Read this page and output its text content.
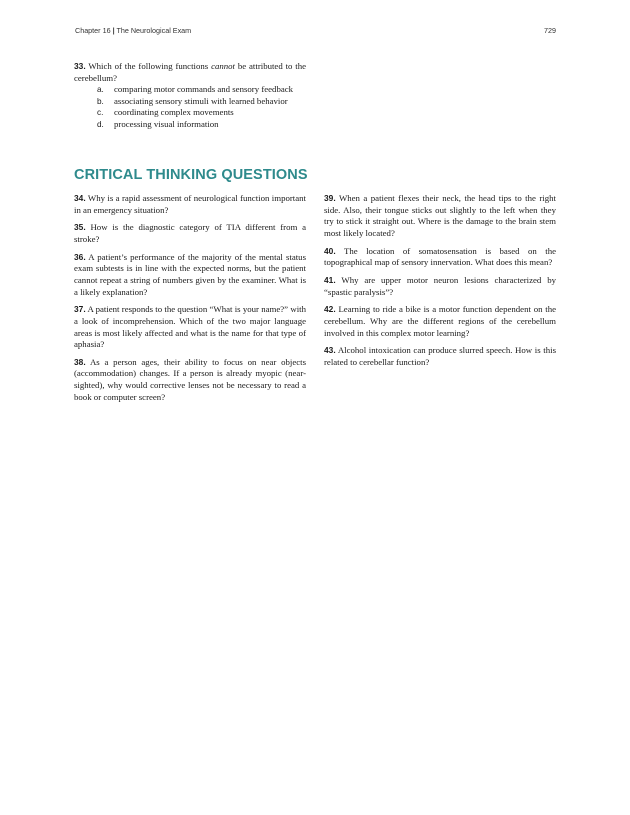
Chapter 16 | The Neurological Exam	729
33. Which of the following functions cannot be attributed to the cerebellum?
a.	comparing motor commands and sensory feedback
b.	associating sensory stimuli with learned behavior
c.	coordinating complex movements
d.	processing visual information
CRITICAL THINKING QUESTIONS

34. Why is a rapid assessment of neurological function important in an emergency situation?

35. How is the diagnostic category of TIA different from a stroke?

36. A patient’s performance of the majority of the mental status exam subtests is in line with the expected norms, but the patient cannot repeat a string of numbers given by the examiner. What is a likely explanation?

37. A patient responds to the question “What is your name?” with a look of incomprehension. Which of the two major language areas is most likely affected and what is the name for that type of aphasia?

38. As a person ages, their ability to focus on near objects (accommodation) changes. If a person is already myopic (near-sighted), why would corrective lenses not be necessary to read a book or computer screen?

39. When a patient flexes their neck, the head tips to the right side. Also, their tongue sticks out slightly to the left when they try to stick it straight out. Where is the damage to the brain stem most likely located?

40. The location of somatosensation is based on the topographical map of sensory innervation. What does this mean?

41. Why are upper motor neuron lesions characterized by “spastic paralysis”?

42. Learning to ride a bike is a motor function dependent on the cerebellum. Why are the different regions of the cerebellum involved in this complex motor learning?

43. Alcohol intoxication can produce slurred speech. How is this related to cerebellar function?
